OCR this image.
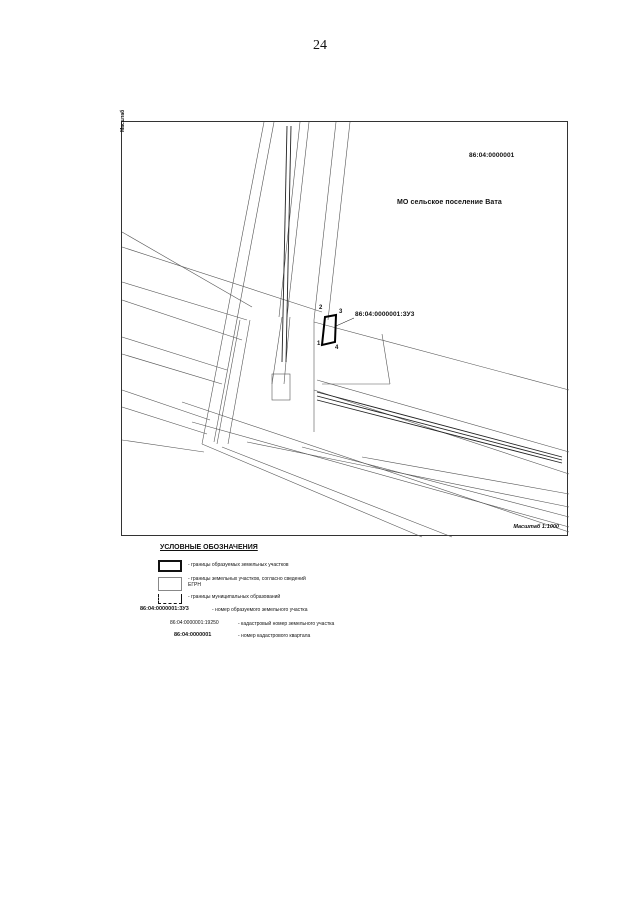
24
Масштаб
86:04:0000001
МО сельское поселение Вата
86:04:0000001:ЗУ3
2
3
4
1
Масштаб 1:1000
УСЛОВНЫЕ ОБОЗНАЧЕНИЯ
- границы образуемых земельных участков
- границы земельных участков, согласно сведений ЕГРН
- границы муниципальных образований
86:04:0000001:ЗУ3	- номер образуемого земельного участка
86:04:0000001:19250	- кадастровый номер земельного участка
86:04:0000001	- номер кадастрового квартала
